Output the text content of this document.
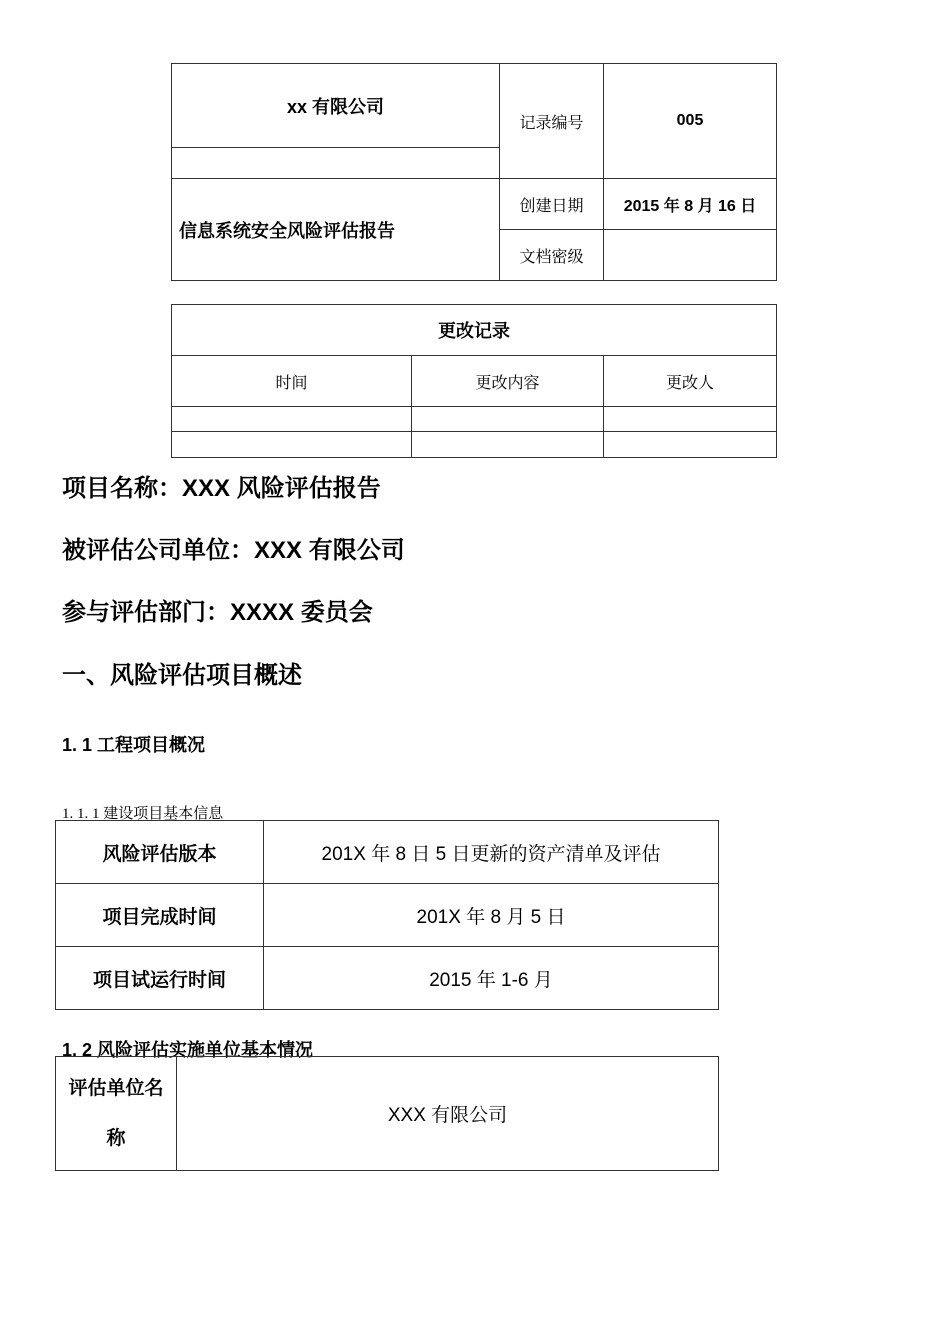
xx 有限公司	记录编号	005

信息系统安全风险评估报告	创建日期	2015 年 8 月 16 日
	文档密级	
更改记录		
时间	更改内容	更改人

项目名称：XXX 风险评估报告

被评估公司单位：XXX 有限公司

参与评估部门：XXXX 委员会

一、风险评估项目概述

1. 1 工程项目概况

1. 1. 1 建设项目基本信息

风险评估版本	201X 年 8 日 5 日更新的资产清单及评估
项目完成时间	201X 年 8 月 5 日
项目试运行时间	2015 年 1-6 月

1. 2 风险评估实施单位基本情况

评估单位名称	XXX 有限公司
